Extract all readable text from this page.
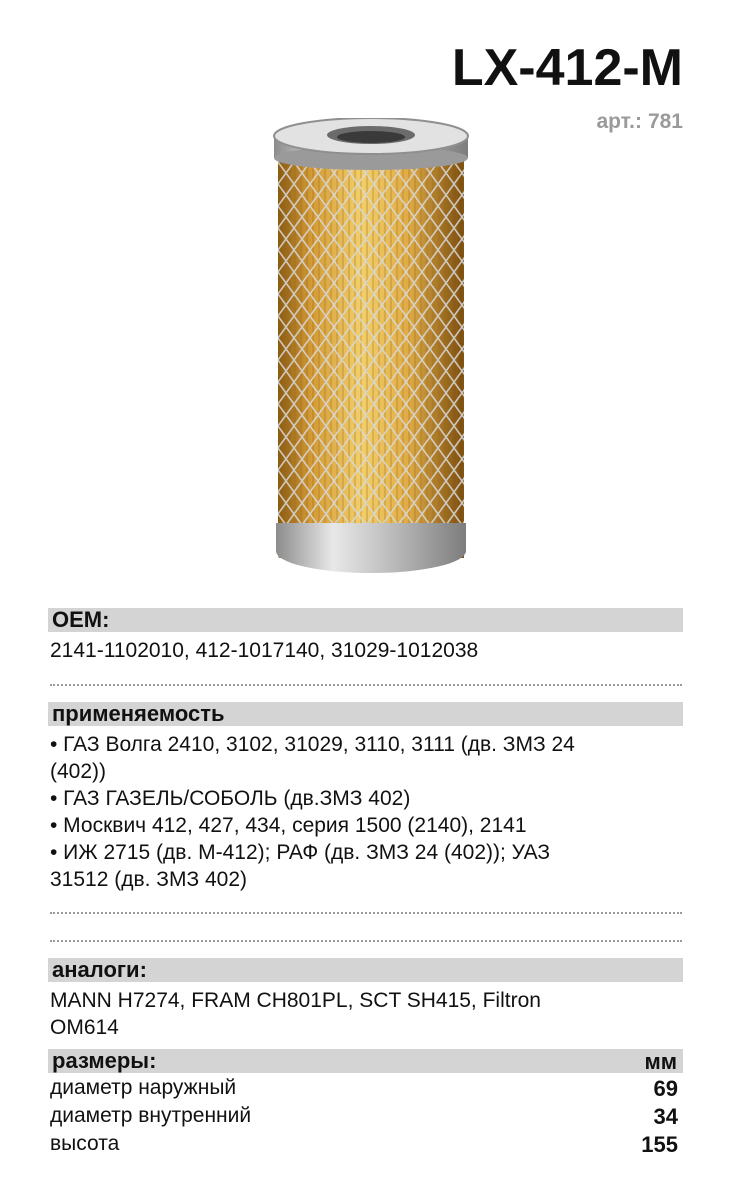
LX-412-M
арт.: 781
OEM:
2141-1102010, 412-1017140, 31029-1012038
применяемость
• ГАЗ Волга 2410, 3102, 31029, 3110, 3111 (дв. ЗМЗ 24
(402))
• ГАЗ ГАЗЕЛЬ/СОБОЛЬ (дв.ЗМЗ 402)
• Москвич 412, 427, 434, серия 1500 (2140), 2141
• ИЖ 2715 (дв. М-412); РАФ (дв. ЗМЗ 24 (402)); УАЗ
31512 (дв. ЗМЗ 402)
аналоги:
MANN H7274, FRAM CH801PL, SCT SH415, Filtron
OM614
размеры:	мм
диаметр наружный	69
диаметр внутренний	34
высота	155
